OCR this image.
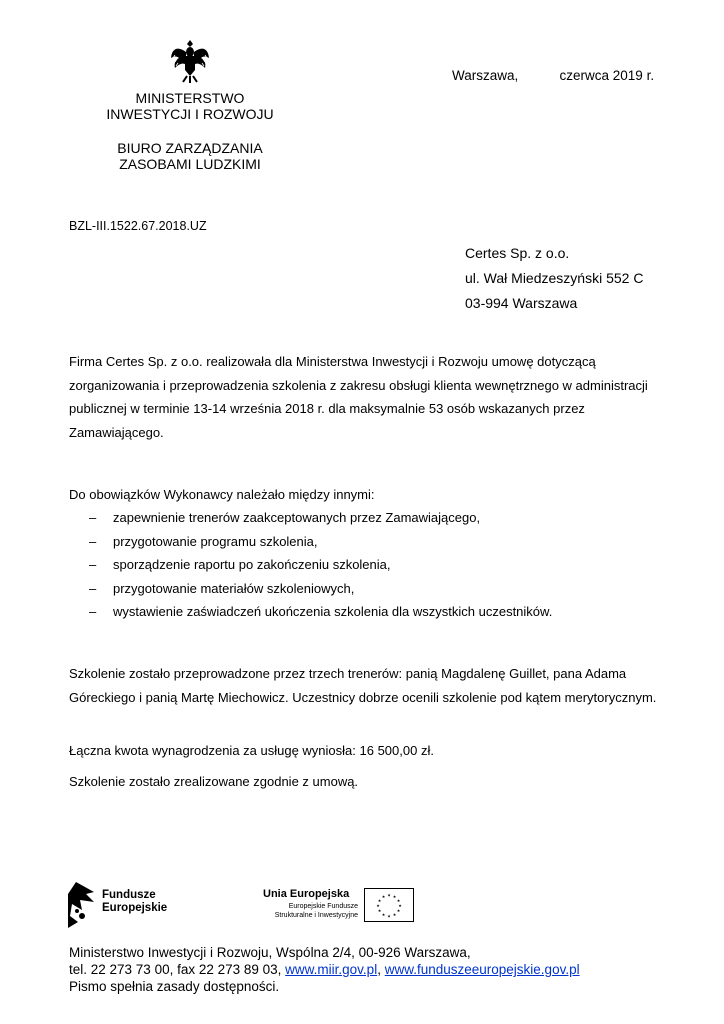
MINISTERSTWO
INWESTYCJI I ROZWOJU
BIURO ZARZĄDZANIA
ZASOBAMI LUDZKIMI
Warszawa,           czerwca 2019 r.
BZL-III.1522.67.2018.UZ
Certes Sp. z o.o.
ul. Wał Miedzeszyński 552 C
03-994 Warszawa
Firma Certes Sp. z o.o. realizowała dla Ministerstwa Inwestycji i Rozwoju umowę dotyczącą zorganizowania i przeprowadzenia szkolenia z zakresu obsługi klienta wewnętrznego w administracji publicznej w terminie 13-14 września 2018 r. dla maksymalnie 53 osób wskazanych przez Zamawiającego.
Do obowiązków Wykonawcy należało między innymi:
– zapewnienie trenerów zaakceptowanych przez Zamawiającego,
– przygotowanie programu szkolenia,
– sporządzenie raportu po zakończeniu szkolenia,
– przygotowanie materiałów szkoleniowych,
– wystawienie zaświadczeń ukończenia szkolenia dla wszystkich uczestników.
Szkolenie zostało przeprowadzone przez trzech trenerów: panią Magdalenę Guillet, pana Adama Góreckiego i panią Martę Miechowicz. Uczestnicy dobrze ocenili szkolenie pod kątem merytorycznym.
Łączna kwota wynagrodzenia za usługę wyniosła: 16 500,00 zł.
Szkolenie zostało zrealizowane zgodnie z umową.
Fundusze
Europejskie
Unia Europejska
Europejskie Fundusze
Strukturalne i Inwestycyjne
★ ★
★
★
★
★
★
★
★
★
★
★
Ministerstwo Inwestycji i Rozwoju, Wspólna 2/4, 00-926 Warszawa,
tel. 22 273 73 00, fax 22 273 89 03, www.miir.gov.pl, www.funduszeeuropejskie.gov.pl
Pismo spełnia zasady dostępności.
